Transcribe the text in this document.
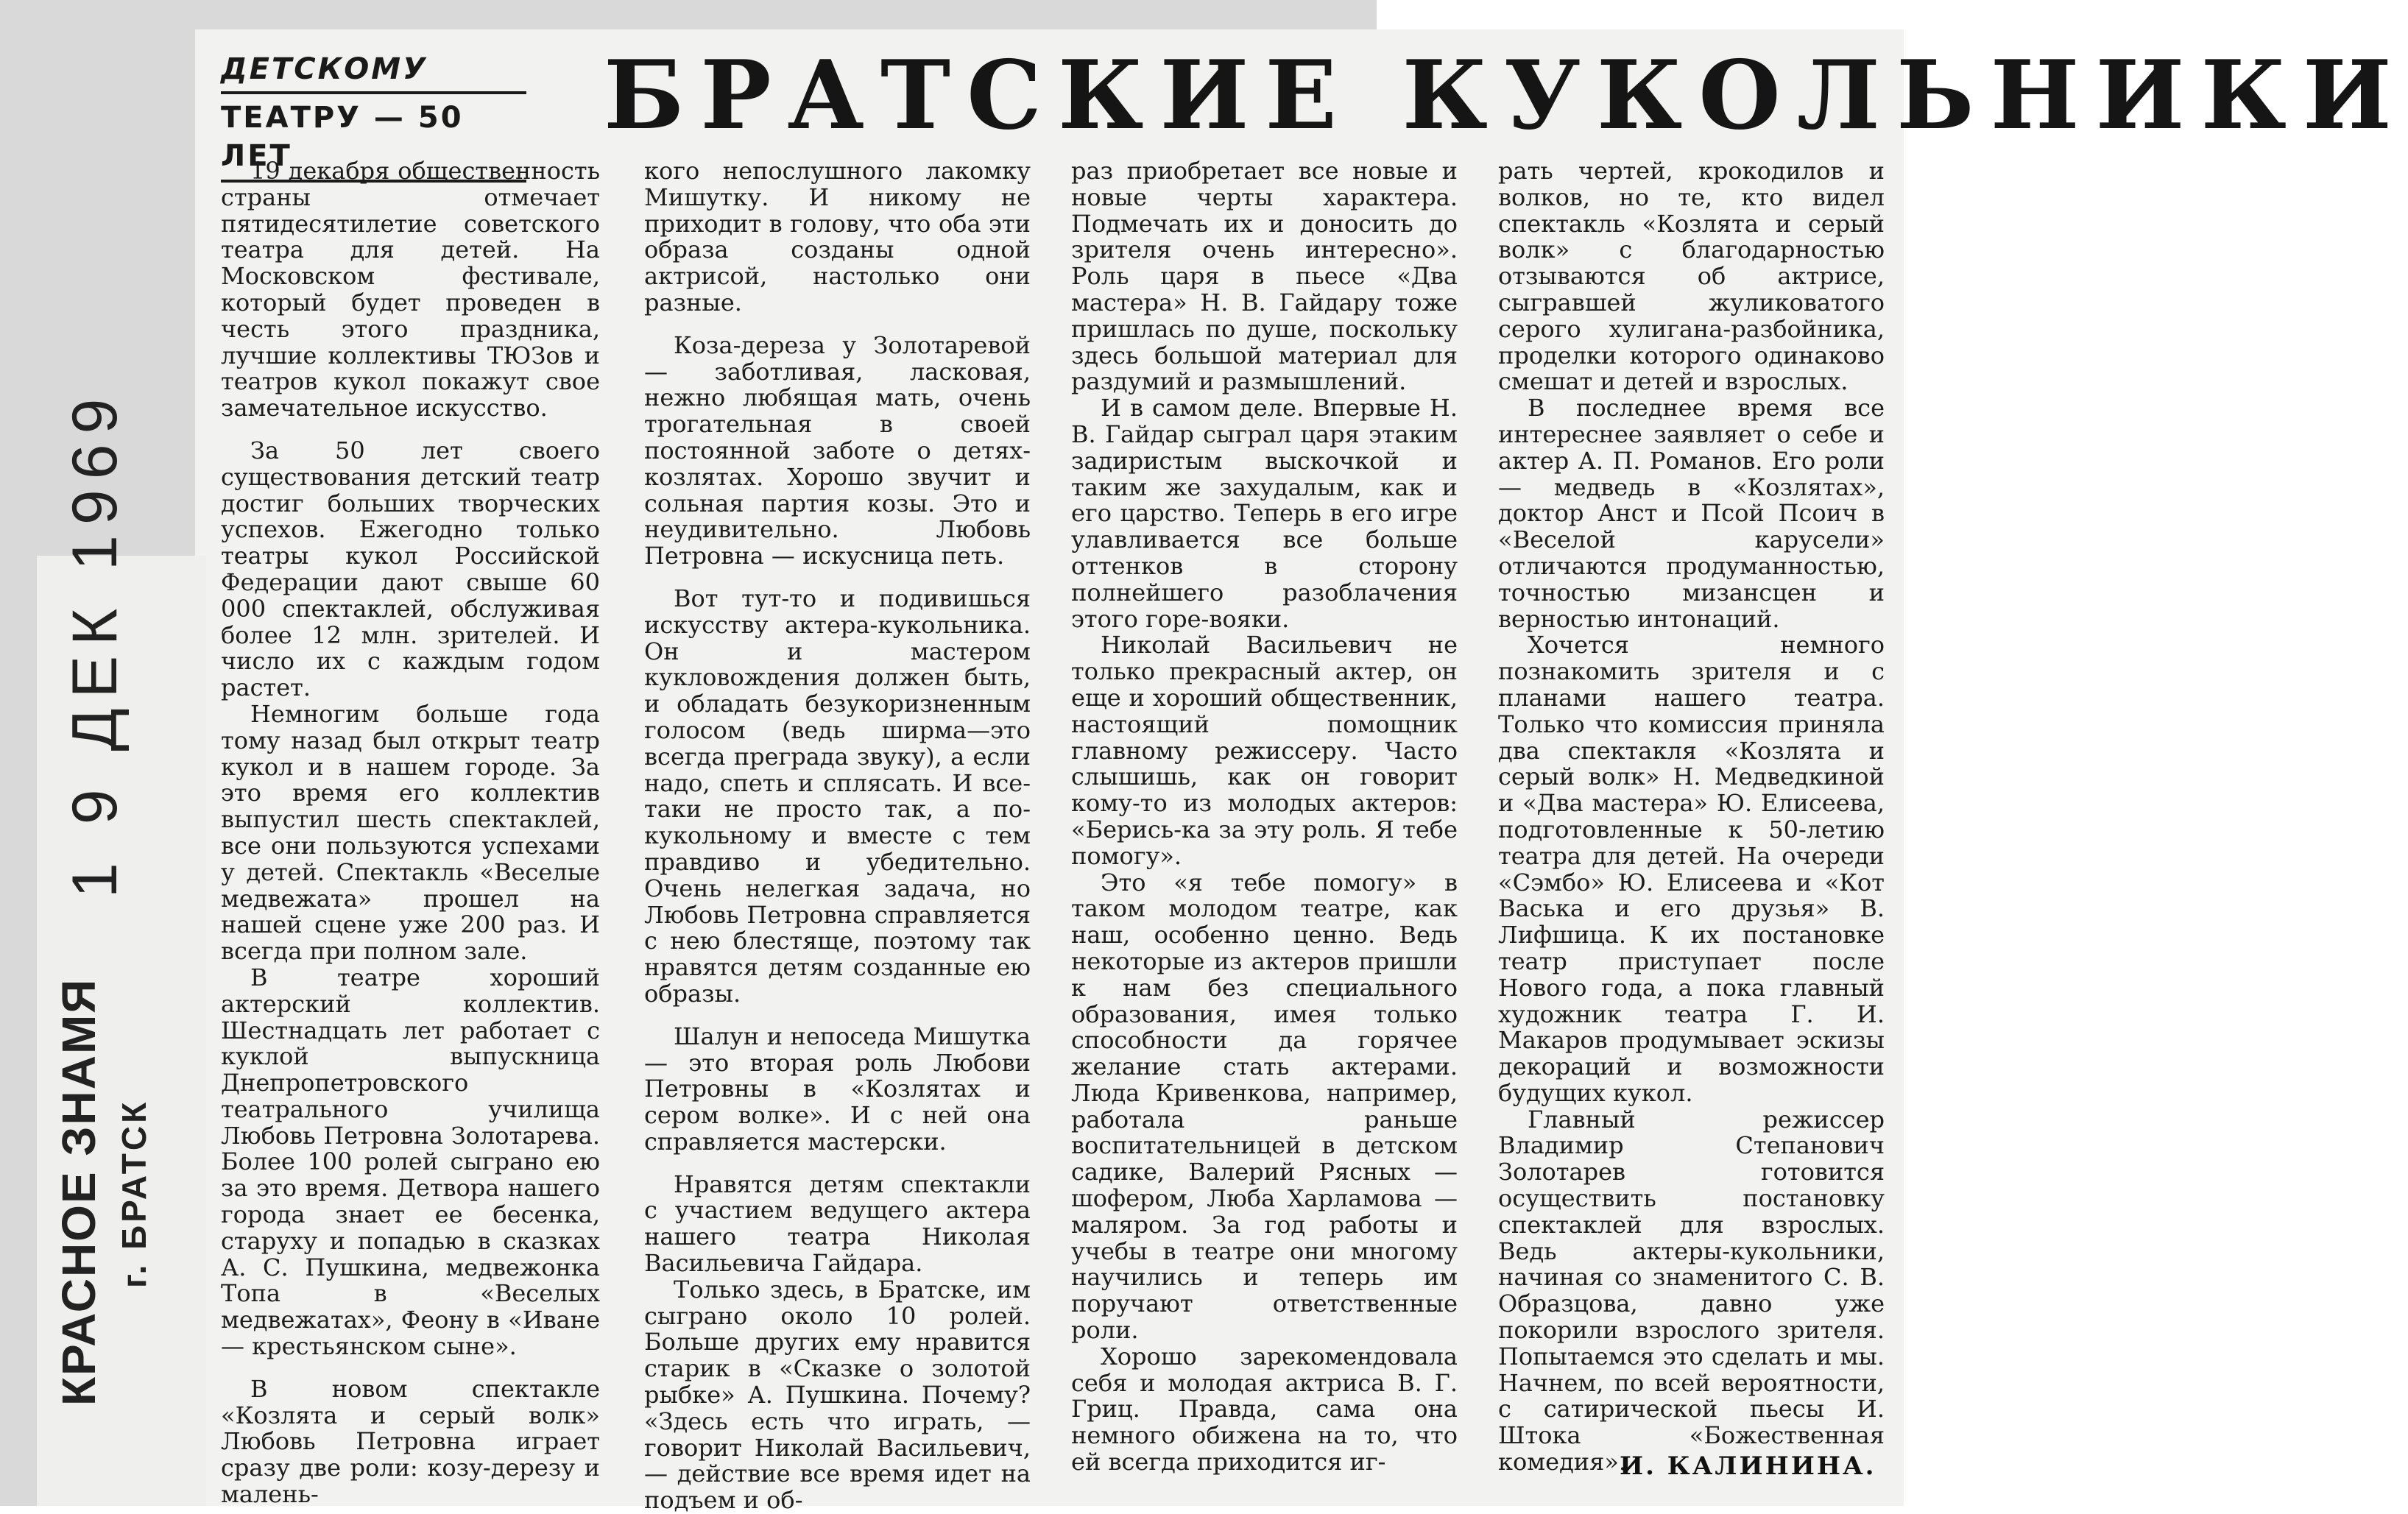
ДЕТСКОМУ
ТЕАТРУ — 50 ЛЕТ
БРАТСКИЕ КУКОЛЬНИКИ
1 9 ДЕК 1969
КРАСНОЕ ЗНАМЯ г. БРАТСК

19 декабря общественность страны отмечает пятидесятилетие советского театра для детей. На Московском фестивале, который будет проведен в честь этого праздника, лучшие коллективы ТЮЗов и театров кукол покажут свое замечательное искусство.

За 50 лет своего существования детский театр достиг больших творческих успехов. Ежегодно только театры кукол Российской Федерации дают свыше 60 000 спектаклей, обслуживая более 12 млн. зрителей. И число их с каждым годом растет.

Немногим больше года тому назад был открыт театр кукол и в нашем городе. За это время его коллектив выпустил шесть спектаклей, все они пользуются успехами у детей. Спектакль «Веселые медвежата» прошел на нашей сцене уже 200 раз. И всегда при полном зале.

В театре хороший актерский коллектив. Шестнадцать лет работает с куклой выпускница Днепропетровского театрального училища Любовь Петровна Золотарева. Более 100 ролей сыграно ею за это время. Детвора нашего города знает ее бесенка, старуху и попадью в сказках А. С. Пушкина, медвежонка Топа в «Веселых медвежатах», Феону в «Иване — крестьянском сыне».

В новом спектакле «Козлята и серый волк» Любовь Петровна играет сразу две роли: козу-дерезу и малень-

кого непослушного лакомку Мишутку. И никому не приходит в голову, что оба эти образа созданы одной актрисой, настолько они разные.

Коза-дереза у Золотаревой — заботливая, ласковая, нежно любящая мать, очень трогательная в своей постоянной заботе о детях-козлятах. Хорошо звучит и сольная партия козы. Это и неудивительно. Любовь Петровна — искусница петь.

Вот тут-то и подивишься искусству актера-кукольника. Он и мастером кукловождения должен быть, и обладать безукоризненным голосом (ведь ширма—это всегда преграда звуку), а если надо, спеть и сплясать. И все-таки не просто так, а по-кукольному и вместе с тем правдиво и убедительно. Очень нелегкая задача, но Любовь Петровна справляется с нею блестяще, поэтому так нравятся детям созданные ею образы.

Шалун и непоседа Мишутка — это вторая роль Любови Петровны в «Козлятах и сером волке». И с ней она справляется мастерски.

Нравятся детям спектакли с участием ведущего актера нашего театра Николая Васильевича Гайдара.

Только здесь, в Братске, им сыграно около 10 ролей. Больше других ему нравится старик в «Сказке о золотой рыбке» А. Пушкина. Почему? «Здесь есть что играть, — говорит Николай Васильевич, — действие все время идет на подъем и об-

раз приобретает все новые и новые черты характера. Подмечать их и доносить до зрителя очень интересно». Роль царя в пьесе «Два мастера» Н. В. Гайдару тоже пришлась по душе, поскольку здесь большой материал для раздумий и размышлений.

И в самом деле. Впервые Н. В. Гайдар сыграл царя этаким задиристым выскочкой и таким же захудалым, как и его царство. Теперь в его игре улавливается все больше оттенков в сторону полнейшего разоблачения этого горе-вояки.

Николай Васильевич не только прекрасный актер, он еще и хороший общественник, настоящий помощник главному режиссеру. Часто слышишь, как он говорит кому-то из молодых актеров: «Берись-ка за эту роль. Я тебе помогу».

Это «я тебе помогу» в таком молодом театре, как наш, особенно ценно. Ведь некоторые из актеров пришли к нам без специального образования, имея только способности да горячее желание стать актерами. Люда Кривенкова, например, работала раньше воспитательницей в детском садике, Валерий Рясных — шофером, Люба Харламова — маляром. За год работы и учебы в театре они многому научились и теперь им поручают ответственные роли.

Хорошо зарекомендовала себя и молодая актриса В. Г. Гриц. Правда, сама она немного обижена на то, что ей всегда приходится иг-

рать чертей, крокодилов и волков, но те, кто видел спектакль «Козлята и серый волк» с благодарностью отзываются об актрисе, сыгравшей жуликоватого серого хулигана-разбойника, проделки которого одинаково смешат и детей и взрослых.

В последнее время все интереснее заявляет о себе и актер А. П. Романов. Его роли — медведь в «Козлятах», доктор Анст и Псой Псоич в «Веселой карусели» отличаются продуманностью, точностью мизансцен и верностью интонаций.

Хочется немного познакомить зрителя и с планами нашего театра. Только что комиссия приняла два спектакля «Козлята и серый волк» Н. Медведкиной и «Два мастера» Ю. Елисеева, подготовленные к 50-летию театра для детей. На очереди «Сэмбо» Ю. Елисеева и «Кот Васька и его друзья» В. Лифшица. К их постановке театр приступает после Нового года, а пока главный художник театра Г. И. Макаров продумывает эскизы декораций и возможности будущих кукол.

Главный режиссер Владимир Степанович Золотарев готовится осуществить постановку спектаклей для взрослых. Ведь актеры-кукольники, начиная со знаменитого С. В. Образцова, давно уже покорили взрослого зрителя. Попытаемся это сделать и мы. Начнем, по всей вероятности, с сатирической пьесы И. Штока «Божественная комедия».

И. КАЛИНИНА.
